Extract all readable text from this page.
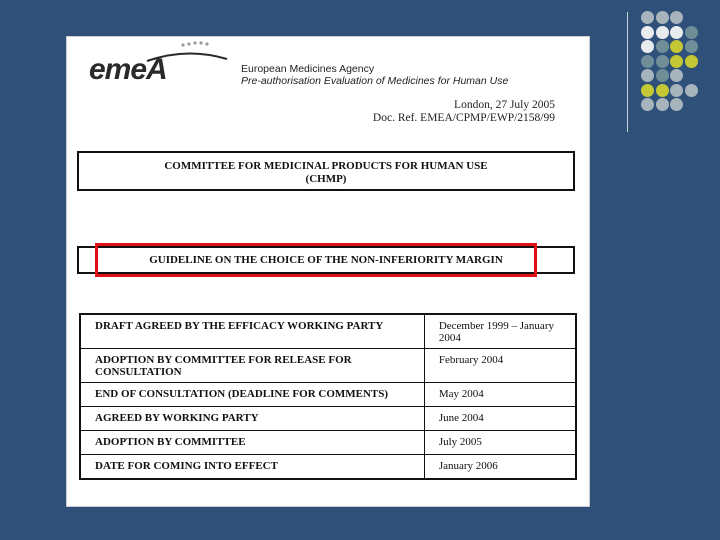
emeA	European Medicines Agency
Pre-authorisation Evaluation of Medicines for Human Use
London, 27 July 2005
Doc. Ref. EMEA/CPMP/EWP/2158/99
COMMITTEE FOR MEDICINAL PRODUCTS FOR HUMAN USE
(CHMP)
GUIDELINE ON THE CHOICE OF THE NON-INFERIORITY MARGIN
DRAFT AGREED BY THE EFFICACY WORKING PARTY	December 1999 – January 2004
ADOPTION BY COMMITTEE FOR RELEASE FOR CONSULTATION	February 2004
END OF CONSULTATION (DEADLINE FOR COMMENTS)	May 2004
AGREED BY WORKING PARTY	June 2004
ADOPTION BY COMMITTEE	July 2005
DATE FOR COMING INTO EFFECT	January 2006
